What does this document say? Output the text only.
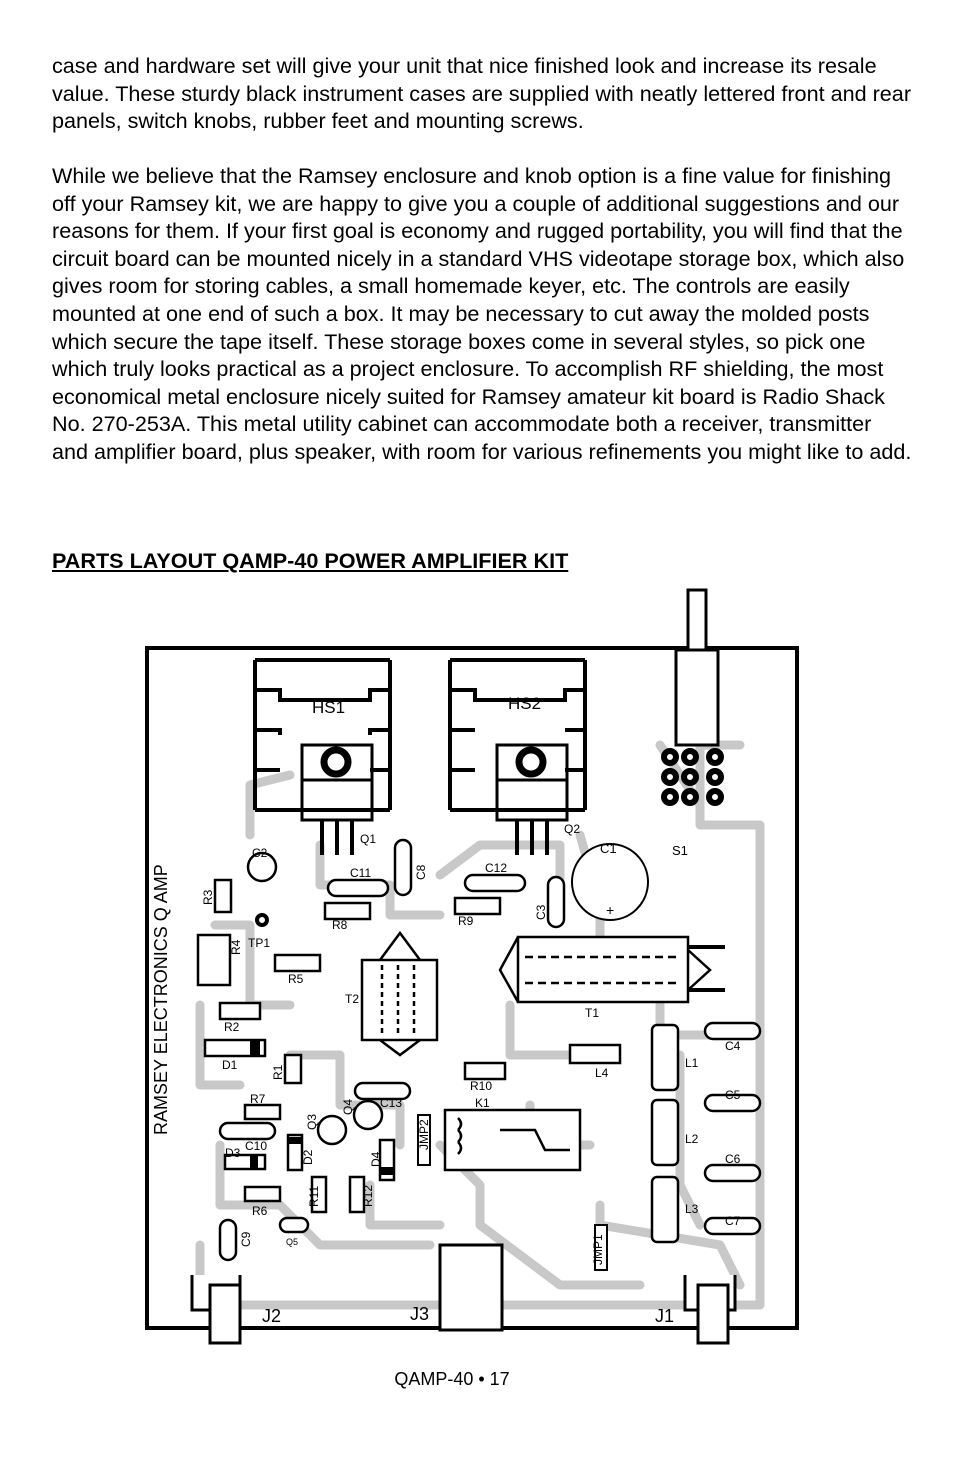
case and hardware set will give your unit that nice finished look and increase its resale value. These sturdy black instrument cases are supplied with neatly lettered front and rear panels, switch knobs, rubber feet and mounting screws.

While we believe that the Ramsey enclosure and knob option is a fine value for finishing off your Ramsey kit, we are happy to give you a couple of additional suggestions and our reasons for them. If your first goal is economy and rugged portability, you will find that the circuit board can be mounted nicely in a standard VHS videotape storage box, which also gives room for storing cables, a small homemade keyer, etc. The controls are easily mounted at one end of such a box. It may be necessary to cut away the molded posts which secure the tape itself. These storage boxes come in several styles, so pick one which truly looks practical as a project enclosure. To accomplish RF shielding, the most economical metal enclosure nicely suited for Ramsey amateur kit board is Radio Shack No. 270-253A. This metal utility cabinet can accommodate both a receiver, transmitter and amplifier board, plus speaker, with room for various refinements you might like to add.

PARTS LAYOUT QAMP-40 POWER AMPLIFIER KIT

S1
HS1
Q1
HS2
Q2
C1
+
RAMSEY ELECTRONICS Q AMP
C2
R3
C8
C11
R8
C12
R9
C3
R4 TP1
R5
T2
T1
R2
C4
L1
D1
L4
R1
R10
C5
R7
Q3
Q4 C13	K1
JMP2
C10
D3	D2	D4
L2
C6
R11	R12
R6	L3
C7
C9	Q5	JMP1
J2	J3	J1
QAMP-40 • 17
